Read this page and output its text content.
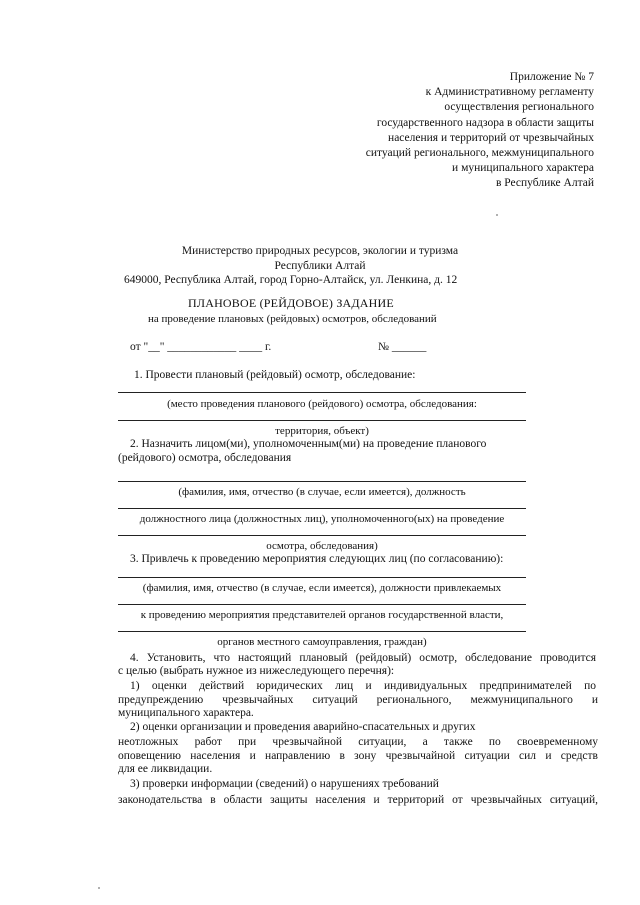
Приложение № 7
к Административному регламенту
осуществления регионального
государственного надзора в области защиты
населения и территорий от чрезвычайных
ситуаций регионального, межмуниципального
и муниципального характера
в Республике Алтай
Министерство природных ресурсов, экологии и туризма
Республики Алтай
649000, Республика Алтай, город Горно-Алтайск, ул. Ленкина, д. 12
ПЛАНОВОЕ (РЕЙДОВОЕ) ЗАДАНИЕ
на проведение плановых (рейдовых) осмотров, обследований
от "__" ____________ ____ г.	№ ______
1. Провести плановый (рейдовый) осмотр, обследование:
(место проведения планового (рейдового) осмотра, обследования:
территория, объект)
2. Назначить лицом(ми), уполномоченным(ми) на проведение планового
(рейдового) осмотра, обследования
(фамилия, имя, отчество (в случае, если имеется), должность
должностного лица (должностных лиц), уполномоченного(ых) на проведение
осмотра, обследования)
3. Привлечь к проведению мероприятия следующих лиц (по согласованию):
(фамилия, имя, отчество (в случае, если имеется), должности привлекаемых
к проведению мероприятия представителей органов государственной власти,
органов местного самоуправления, граждан)
4. Установить, что настоящий плановый (рейдовый) осмотр, обследование проводится
с целью (выбрать нужное из нижеследующего перечня):
1) оценки действий юридических лиц и индивидуальных предпринимателей по
предупреждению чрезвычайных ситуаций регионального, межмуниципального и
муниципального характера.
2) оценки организации и проведения аварийно-спасательных и других
неотложных работ при чрезвычайной ситуации, а также по своевременному
оповещению населения и направлению в зону чрезвычайной ситуации сил и средств
для ее ликвидации.
3) проверки информации (сведений) о нарушениях требований
законодательства в области защиты населения и территорий от чрезвычайных ситуаций,
